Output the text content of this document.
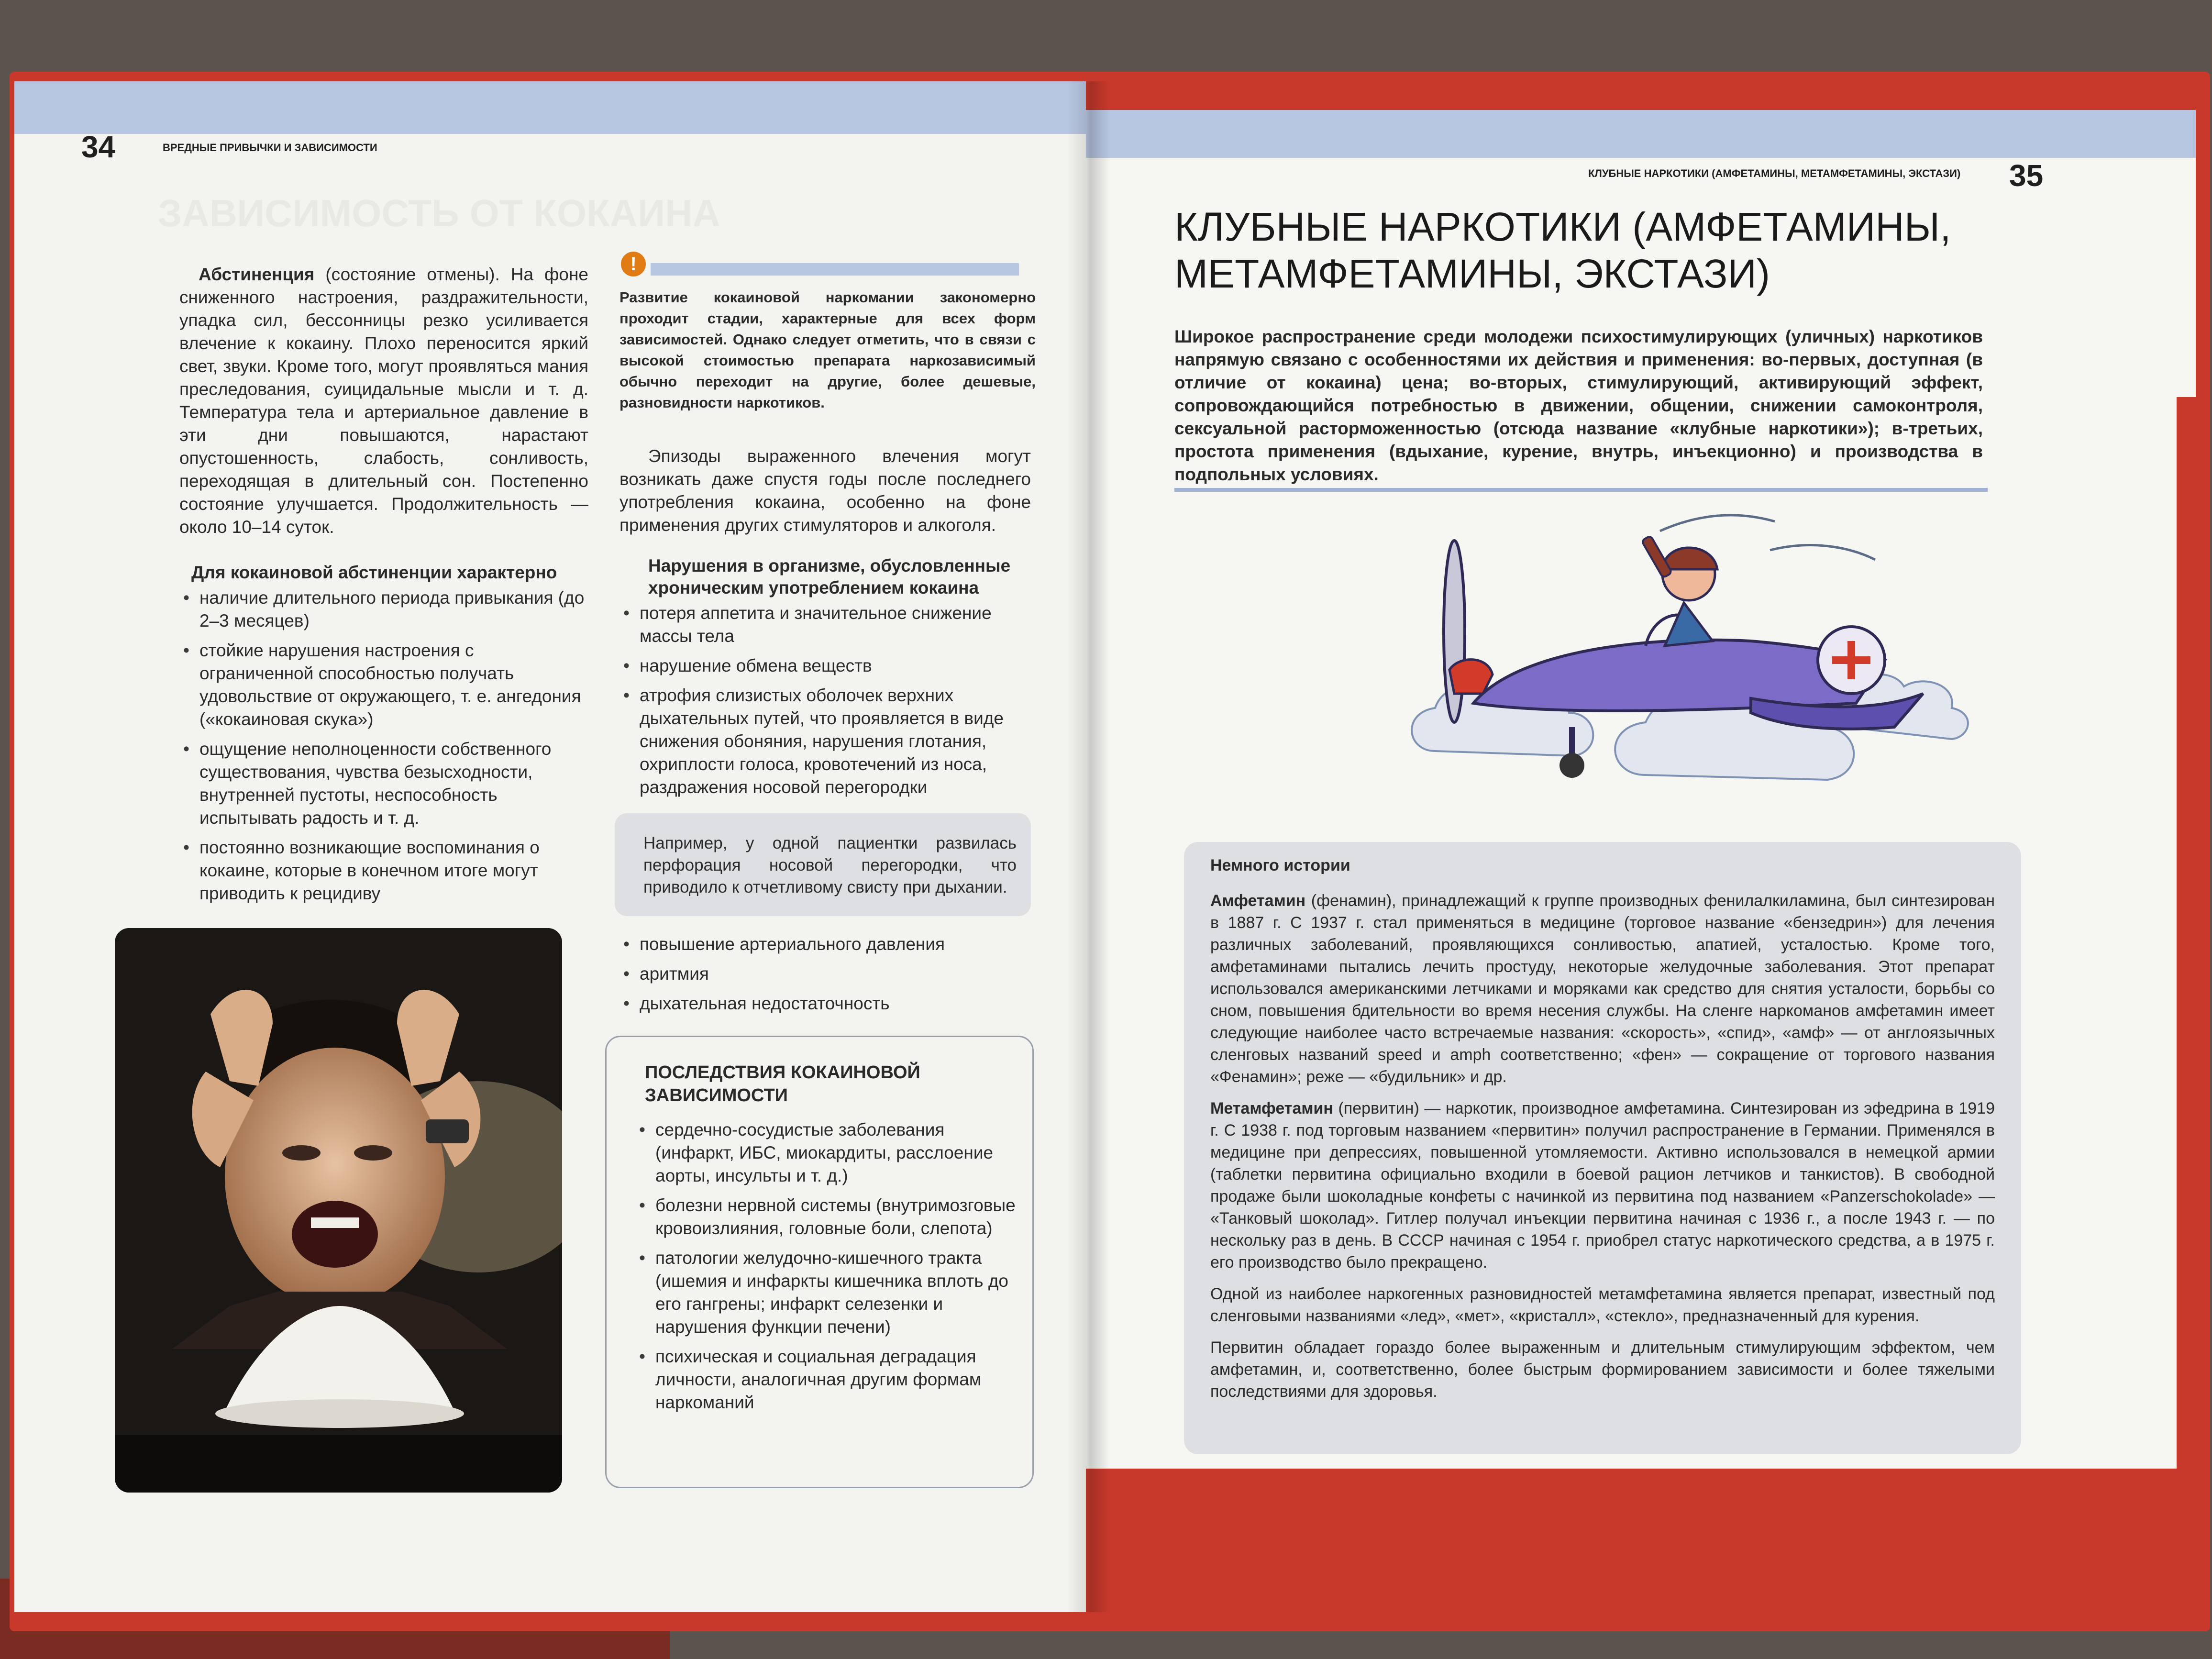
34	ВРЕДНЫЕ ПРИВЫЧКИ И ЗАВИСИМОСТИ
ЗАВИСИМОСТЬ ОТ КОКАИНА

Абстиненция (состояние отмены). На фоне сниженного настроения, раздражительности, упадка сил, бессонницы резко усиливается влечение к кокаину. Плохо переносится яркий свет, звуки. Кроме того, могут проявляться мания преследования, суицидальные мысли и т. д. Температура тела и артериальное давление в эти дни повышаются, нарастают опустошенность, слабость, сонливость, переходящая в длительный сон. Постепенно состояние улучшается. Продолжительность — около 10–14 суток.

Для кокаиновой абстиненции характерно
• наличие длительного периода привыкания (до 2–3 месяцев)
• стойкие нарушения настроения с ограниченной способностью получать удовольствие от окружающего, т. е. ангедония («кокаиновая скука»)
• ощущение неполноценности собственного существования, чувства безысходности, внутренней пустоты, неспособность испытывать радость и т. д.
• постоянно возникающие воспоминания о кокаине, которые в конечном итоге могут приводить к рецидиву
!
Развитие кокаиновой наркомании закономерно проходит стадии, характерные для всех форм зависимостей. Однако следует отметить, что в связи с высокой стоимостью препарата наркозависимый обычно переходит на другие, более дешевые, разновидности наркотиков.

Эпизоды выраженного влечения могут возникать даже спустя годы после последнего употребления кокаина, особенно на фоне применения других стимуляторов и алкоголя.

Нарушения в организме, обусловленные хроническим употреблением кокаина
• потеря аппетита и значительное снижение массы тела
• нарушение обмена веществ
• атрофия слизистых оболочек верхних дыхательных путей, что проявляется в виде снижения обоняния, нарушения глотания, охриплости голоса, кровотечений из носа, раздражения носовой перегородки

Например, у одной пациентки развилась перфорация носовой перегородки, что приводило к отчетливому свисту при дыхании.

• повышение артериального давления
• аритмия
• дыхательная недостаточность
ПОСЛЕДСТВИЯ КОКАИНОВОЙ ЗАВИСИМОСТИ
• сердечно-сосудистые заболевания (инфаркт, ИБС, миокардиты, расслоение аорты, инсульты и т. д.)
• болезни нервной системы (внутримозговые кровоизлияния, головные боли, слепота)
• патологии желудочно-кишечного тракта (ишемия и инфаркты кишечника вплоть до его гангрены; инфаркт селезенки и нарушения функции печени)
• психическая и социальная деградация личности, аналогичная другим формам наркоманий
КЛУБНЫЕ НАРКОТИКИ (АМФЕТАМИНЫ, МЕТАМФЕТАМИНЫ, ЭКСТАЗИ) 35
КЛУБНЫЕ НАРКОТИКИ (АМФЕТАМИНЫ, МЕТАМФЕТАМИНЫ, ЭКСТАЗИ)
Широкое распространение среди молодежи психостимулирующих (уличных) наркотиков напрямую связано с особенностями их действия и применения: во-первых, доступная (в отличие от кокаина) цена; во-вторых, стимулирующий, активирующий эффект, сопровождающийся потребностью в движении, общении, снижении самоконтроля, сексуальной расторможенностью (отсюда название «клубные наркотики»); в-третьих, простота применения (вдыхание, курение, внутрь, инъекционно) и производства в подпольных условиях.
Немного истории

Амфетамин (фенамин), принадлежащий к группе производных фенилалкиламина, был синтезирован в 1887 г. С 1937 г. стал применяться в медицине (торговое название «бензедрин») для лечения различных заболеваний, проявляющихся сонливостью, апатией, усталостью. Кроме того, амфетаминами пытались лечить простуду, некоторые желудочные заболевания. Этот препарат использовался американскими летчиками и моряками как средство для снятия усталости, борьбы со сном, повышения бдительности во время несения службы. На сленге наркоманов амфетамин имеет следующие наиболее часто встречаемые названия: «скорость», «спид», «амф» — от англоязычных сленговых названий speed и amph соответственно; «фен» — сокращение от торгового названия «Фенамин»; реже — «будильник» и др.

Метамфетамин (первитин) — наркотик, производное амфетамина. Синтезирован из эфедрина в 1919 г. С 1938 г. под торговым названием «первитин» получил распространение в Германии. Применялся в медицине при депрессиях, повышенной утомляемости. Активно использовался в немецкой армии (таблетки первитина официально входили в боевой рацион летчиков и танкистов). В свободной продаже были шоколадные конфеты с начинкой из первитина под названием «Panzerschokolade» — «Танковый шоколад». Гитлер получал инъекции первитина начиная с 1936 г., а после 1943 г. — по нескольку раз в день. В СССР начиная с 1954 г. приобрел статус наркотического средства, а в 1975 г. его производство было прекращено.

Одной из наиболее наркогенных разновидностей метамфетамина является препарат, известный под сленговыми названиями «лед», «мет», «кристалл», «стекло», предназначенный для курения.

Первитин обладает гораздо более выраженным и длительным стимулирующим эффектом, чем амфетамин, и, соответственно, более быстрым формированием зависимости и более тяжелыми последствиями для здоровья.
